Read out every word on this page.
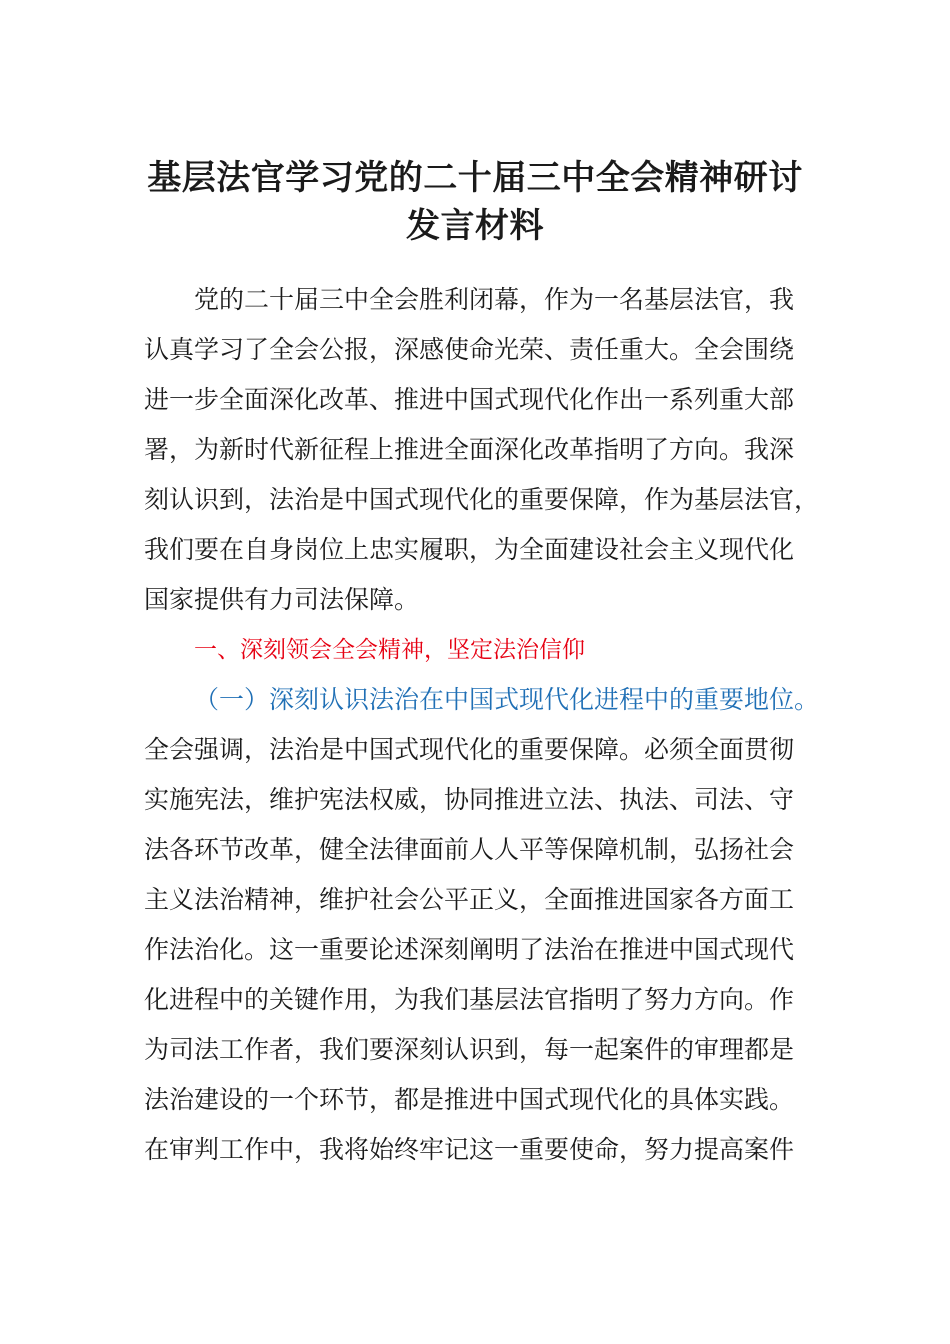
基层法官学习党的二十届三中全会精神研讨
发言材料
党的二十届三中全会胜利闭幕，作为一名基层法官，我
认真学习了全会公报，深感使命光荣、责任重大。全会围绕
进一步全面深化改革、推进中国式现代化作出一系列重大部
署，为新时代新征程上推进全面深化改革指明了方向。我深
刻认识到，法治是中国式现代化的重要保障，作为基层法官，
我们要在自身岗位上忠实履职，为全面建设社会主义现代化
国家提供有力司法保障。
一、深刻领会全会精神，坚定法治信仰
（一）深刻认识法治在中国式现代化进程中的重要地位。
全会强调，法治是中国式现代化的重要保障。必须全面贯彻
实施宪法，维护宪法权威，协同推进立法、执法、司法、守
法各环节改革，健全法律面前人人平等保障机制，弘扬社会
主义法治精神，维护社会公平正义，全面推进国家各方面工
作法治化。这一重要论述深刻阐明了法治在推进中国式现代
化进程中的关键作用，为我们基层法官指明了努力方向。作
为司法工作者，我们要深刻认识到，每一起案件的审理都是
法治建设的一个环节，都是推进中国式现代化的具体实践。
在审判工作中，我将始终牢记这一重要使命，努力提高案件
